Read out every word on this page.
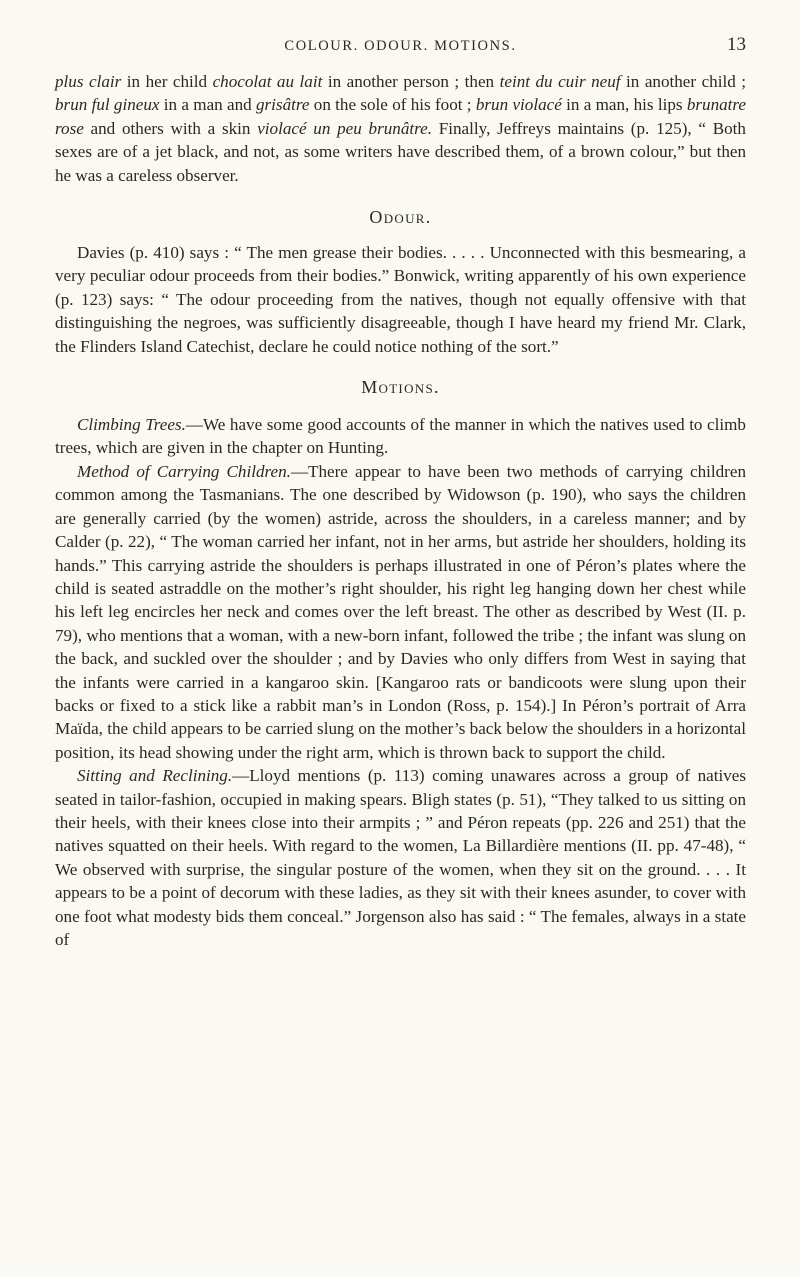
COLOUR. ODOUR. MOTIONS.	13

plus clair in her child chocolat au lait in another person ; then teint du cuir neuf in another child ; brun ful gineux in a man and grisâtre on the sole of his foot ; brun violacé in a man, his lips brunatre rose and others with a skin violacé un peu brunâtre. Finally, Jeffreys maintains (p. 125), “ Both sexes are of a jet black, and not, as some writers have described them, of a brown colour,” but then he was a careless observer.

Odour.

Davies (p. 410) says : “ The men grease their bodies. . . . . Unconnected with this besmearing, a very peculiar odour proceeds from their bodies.” Bonwick, writing apparently of his own experience (p. 123) says: “ The odour proceeding from the natives, though not equally offensive with that distinguishing the negroes, was sufficiently disagreeable, though I have heard my friend Mr. Clark, the Flinders Island Catechist, declare he could notice nothing of the sort.”

Motions.

Climbing Trees.—We have some good accounts of the manner in which the natives used to climb trees, which are given in the chapter on Hunting.

Method of Carrying Children.—There appear to have been two methods of carrying children common among the Tasmanians. The one described by Widowson (p. 190), who says the children are generally carried (by the women) astride, across the shoulders, in a careless manner; and by Calder (p. 22), “ The woman carried her infant, not in her arms, but astride her shoulders, holding its hands.” This carrying astride the shoulders is perhaps illustrated in one of Péron’s plates where the child is seated astraddle on the mother’s right shoulder, his right leg hanging down her chest while his left leg encircles her neck and comes over the left breast. The other as described by West (II. p. 79), who mentions that a woman, with a new-born infant, followed the tribe ; the infant was slung on the back, and suckled over the shoulder ; and by Davies who only differs from West in saying that the infants were carried in a kangaroo skin. [Kangaroo rats or bandicoots were slung upon their backs or fixed to a stick like a rabbit man’s in London (Ross, p. 154).] In Péron’s portrait of Arra Maïda, the child appears to be carried slung on the mother’s back below the shoulders in a horizontal position, its head showing under the right arm, which is thrown back to support the child.

Sitting and Reclining.—Lloyd mentions (p. 113) coming unawares across a group of natives seated in tailor-fashion, occupied in making spears. Bligh states (p. 51), “They talked to us sitting on their heels, with their knees close into their armpits ; ” and Péron repeats (pp. 226 and 251) that the natives squatted on their heels. With regard to the women, La Billardière mentions (II. pp. 47-48), “ We observed with surprise, the singular posture of the women, when they sit on the ground. . . . It appears to be a point of decorum with these ladies, as they sit with their knees asunder, to cover with one foot what modesty bids them conceal.” Jorgenson also has said : “ The females, always in a state of
